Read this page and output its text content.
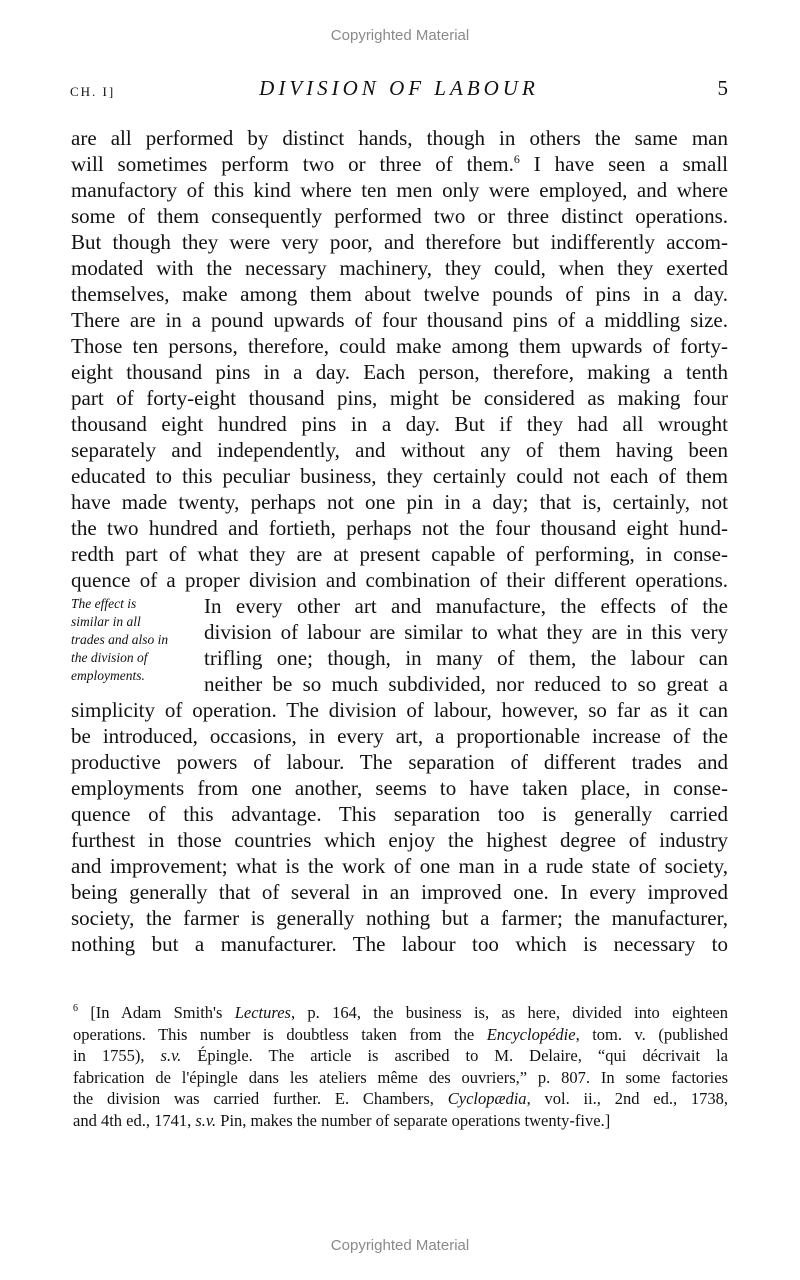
Copyrighted Material
CH. I]	DIVISION OF LABOUR	5
are all performed by distinct hands, though in others the same man
will sometimes perform two or three of them.$^6$ I have seen a small
manufactory of this kind where ten men only were employed, and where
some of them consequently performed two or three distinct operations.
But though they were very poor, and therefore but indifferently accom-
modated with the necessary machinery, they could, when they exerted
themselves, make among them about twelve pounds of pins in a day.
There are in a pound upwards of four thousand pins of a middling size.
Those ten persons, therefore, could make among them upwards of forty-
eight thousand pins in a day. Each person, therefore, making a tenth
part of forty-eight thousand pins, might be considered as making four
thousand eight hundred pins in a day. But if they had all wrought
separately and independently, and without any of them having been
educated to this peculiar business, they certainly could not each of them
have made twenty, perhaps not one pin in a day; that is, certainly, not
the two hundred and fortieth, perhaps not the four thousand eight hund-
redth part of what they are at present capable of performing, in conse-
quence of a proper division and combination of their different operations.
The effect is
similar in all
trades and also in
the division of
employments.
In every other art and manufacture, the effects of the
division of labour are similar to what they are in this very
trifling one; though, in many of them, the labour can
neither be so much subdivided, nor reduced to so great a
simplicity of operation. The division of labour, however, so far as it can
be introduced, occasions, in every art, a proportionable increase of the
productive powers of labour. The separation of different trades and
employments from one another, seems to have taken place, in conse-
quence of this advantage. This separation too is generally carried
furthest in those countries which enjoy the highest degree of industry
and improvement; what is the work of one man in a rude state of society,
being generally that of several in an improved one. In every improved
society, the farmer is generally nothing but a farmer; the manufacturer,
nothing but a manufacturer. The labour too which is necessary to
$^6$ [In Adam Smith's Lectures, p. 164, the business is, as here, divided into eighteen
operations. This number is doubtless taken from the Encyclopédie, tom. v. (published
in 1755), s.v. Épingle. The article is ascribed to M. Delaire, “qui décrivait la
fabrication de l'épingle dans les ateliers même des ouvriers,” p. 807. In some factories
the division was carried further. E. Chambers, Cyclopædia, vol. ii., 2nd ed., 1738,
and 4th ed., 1741, s.v. Pin, makes the number of separate operations twenty-five.]
Copyrighted Material
